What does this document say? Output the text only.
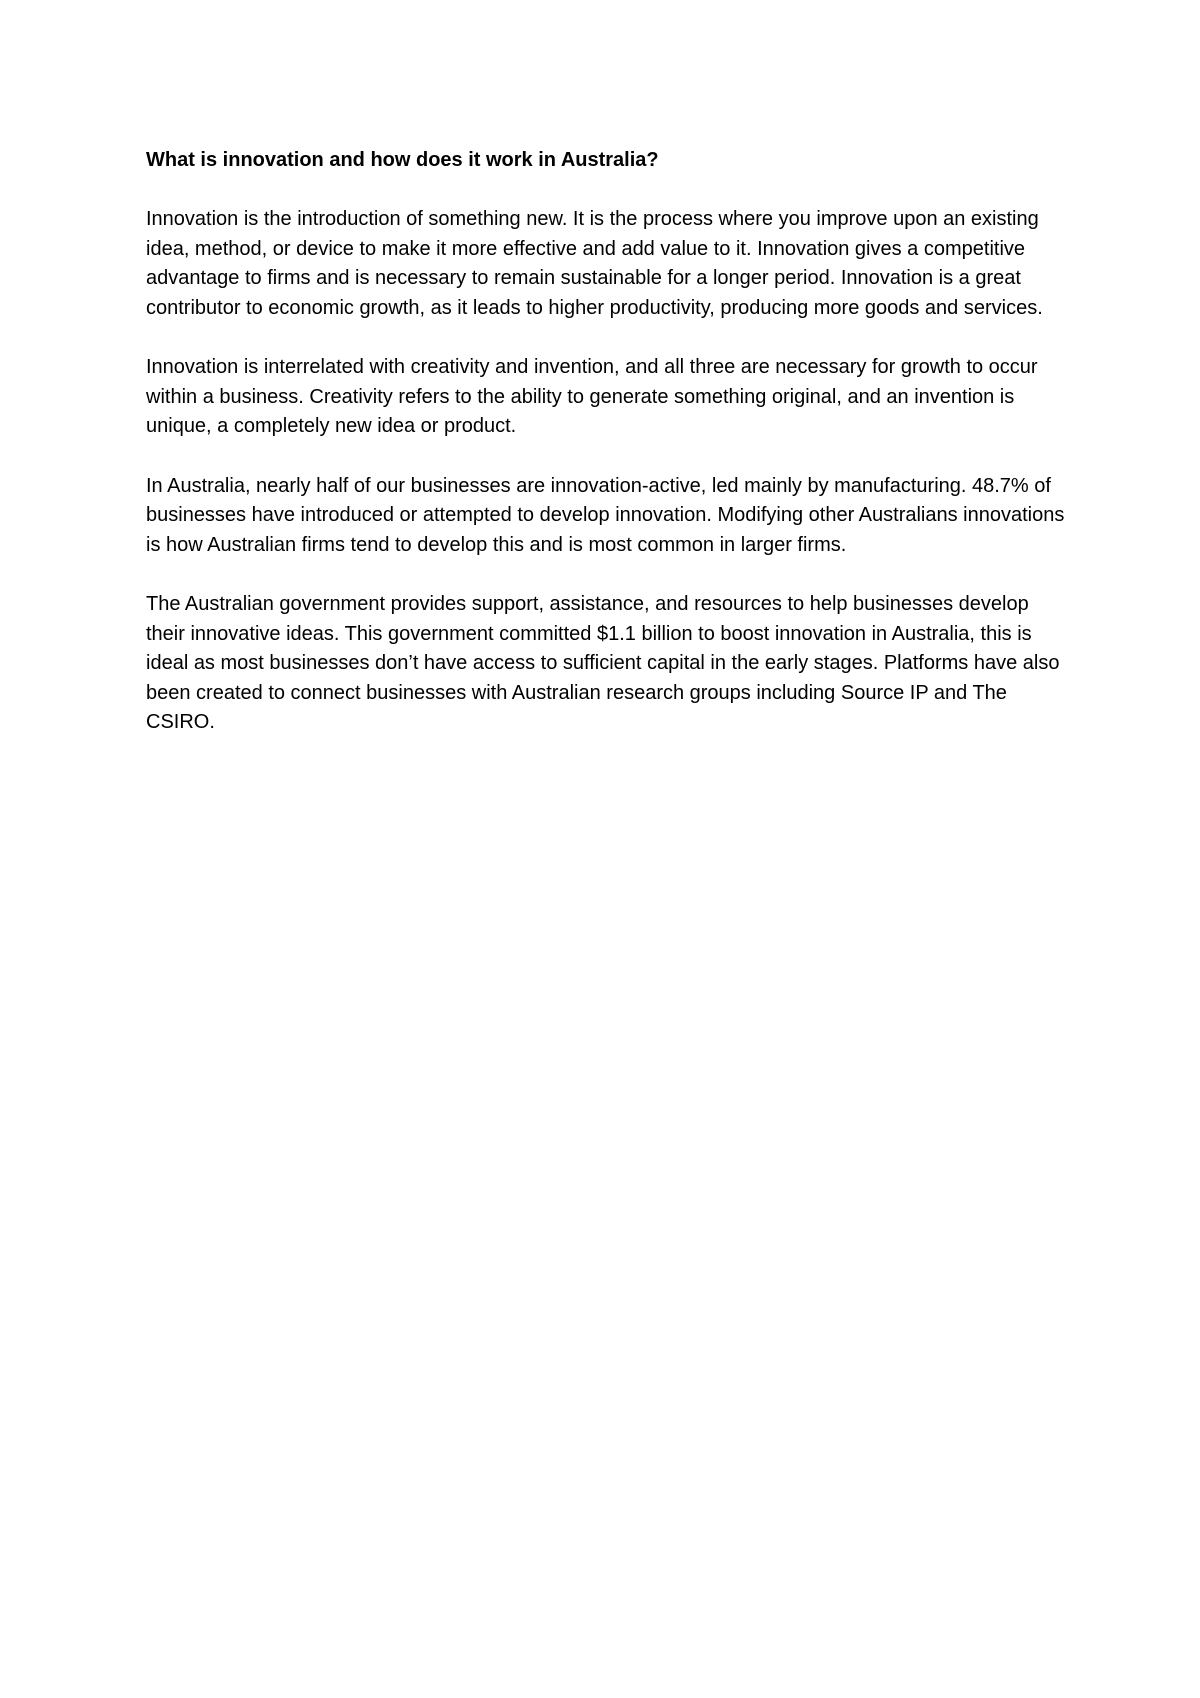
What is innovation and how does it work in Australia?

Innovation is the introduction of something new. It is the process where you improve upon an existing idea, method, or device to make it more effective and add value to it. Innovation gives a competitive advantage to firms and is necessary to remain sustainable for a longer period. Innovation is a great contributor to economic growth, as it leads to higher productivity, producing more goods and services.

Innovation is interrelated with creativity and invention, and all three are necessary for growth to occur within a business. Creativity refers to the ability to generate something original, and an invention is unique, a completely new idea or product.

In Australia, nearly half of our businesses are innovation-active, led mainly by manufacturing. 48.7% of businesses have introduced or attempted to develop innovation. Modifying other Australians innovations is how Australian firms tend to develop this and is most common in larger firms.

The Australian government provides support, assistance, and resources to help businesses develop their innovative ideas. This government committed $1.1 billion to boost innovation in Australia, this is ideal as most businesses don’t have access to sufficient capital in the early stages. Platforms have also been created to connect businesses with Australian research groups including Source IP and The CSIRO.
